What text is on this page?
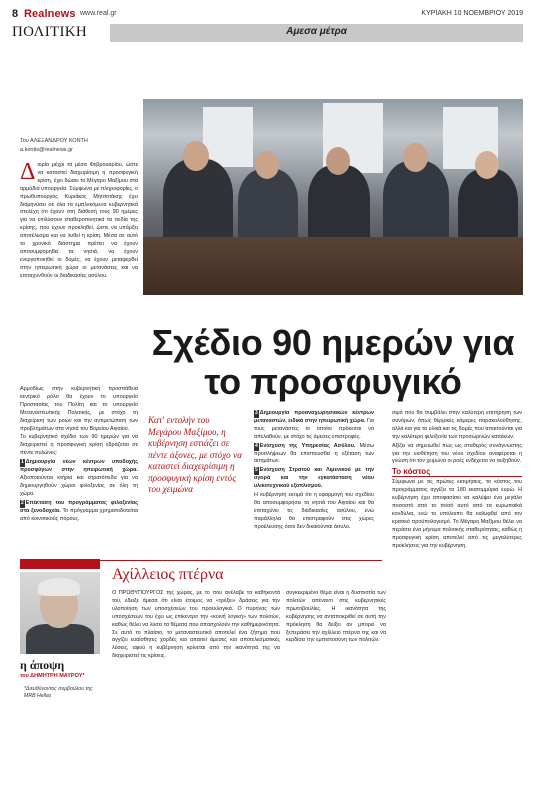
8 Realnews www.real.gr	ΚΥΡΙΑΚΗ 10 ΝΟΕΜΒΡΙΟΥ 2019
ΠΟΛΙΤΙΚΗ	Αμεσα μέτρα
Του ΑΛΕΞΑΝΔΡΟΥ ΚΟΝΤΗ
a.kontis@realnews.gr

Διορία μέχρι τα μέσα Φεβρουαρίου, ώστε να καταστεί διαχειρίσιμη η προσφυγική κρίση, έχει δώσει το Μέγαρο Μαξίμου στα αρμόδια υπουργεία. Σύμφωνα με πληροφορίες, ο πρωθυπουργός Κυριάκος Μητσοτάκης έχει διαμηνύσει σε όλα τα εμπλεκόμενα κυβερνητικά στελέχη ότι έχουν στη διάθεσή τους 90 ημέρες για να επιλύσουν σταθεροποιητικά τα πεδία της κρίσης, που έχουν προκληθεί, ώστε να υπάρξει αποτέλεσμα και να λυθεί η κρίση. Μέσα σε αυτό το χρονικό διάστημα πρέπει να έχουν αποσυμφορηθεί τα νησιά, να έχουν ενεργοποιηθεί οι δομές, να έχουν μεταφερθεί στην ηπειρωτική χώρα οι μετανάστες και να επιταχυνθούν οι διαδικασίες ασύλου.

Σχέδιο 90 ημερών για το προσφυγικό

Αρμοδίως στην κυβερνητική προσπάθεια κεντρικό ρόλο θα έχουν το υπουργείο Προστασίας του Πολίτη και το υπουργείο Μεταναστευτικής Πολιτικής, με στόχο τη διαχείριση των ροών και την αντιμετώπιση των προβλημάτων στα νησιά του Βορείου Αιγαίου.

Το κυβερνητικό σχέδιο των 90 ημερών για να διαχειριστεί η προσφυγική κρίση εδράζεται σε πέντε πυλώνες:

1 Δημιουργία νέων κέντρων υποδοχής προσφύγων στην ηπειρωτική χώρα. Αξιοποιούνται κτήρια και στρατόπεδα για να δημιουργηθούν χώροι φιλοξενίας σε όλη τη χώρα.

2 Επέκταση του προγράμματος φιλοξενίας στα ξενοδοχεία. Το πρόγραμμα χρηματοδοτείται από κοινοτικούς πόρους.

Κατ' εντολήν του Μεγάρου Μαξίμου, η κυβέρνηση εστιάζει σε πέντε άξονες, με στόχο να καταστεί διαχειρίσιμη η προσφυγική κρίση εντός του χειμώνα

3 Δημιουργία προαναχωρησιακών κέντρων μεταναστών, ειδικά στην ηπειρωτική χώρα. Για τους μετανάστες οι οποίοι πρόκειται να απελαθούν, με στόχο τις άμεσες επιστροφές.

4 Ενίσχυση της Υπηρεσίας Ασύλου. Μέσω προσλήψεων θα επισπευσθεί η εξέταση των αιτημάτων.

5 Ενίσχυση Στρατού και Λιμενικού με την αγορά και την εγκατάσταση νέου υλικοτεχνικού εξοπλισμού.

Η κυβέρνηση εκτιμά ότι η εφαρμογή του σχεδίου θα αποσυμφορήσει τα νησιά του Αιγαίου και θα επιταχύνει τις διαδικασίες ασύλου, ενώ παράλληλα θα επιστραφούν στις χώρες προέλευσης όσοι δεν δικαιούνται άσυλο.

σιμό που θα συμβάλει στην καλύτερη επιτήρηση των συνόρων, όπως θερμικές κάμερες παρακολούθησης, αλλά και για τα υλικά και τις δομές που απαιτούνται για την καλύτερη φιλοξενία των προσωρινών κατοίκων.

Αξίζει να σημειωθεί πως ως σταθερός συνάγνωστης για την υιοθέτηση του νέου σχεδίου αναφέρεται η γνώση ότι τον χειμώνα οι ροές ενδέχεται να αυξηθούν.

Το κόστος

Σύμφωνα με τις πρώτες εκτιμήσεις, το κόστος του προγράμματος αγγίζει τα 180 εκατομμύρια ευρώ. Η κυβέρνηση έχει αποφασίσει να καλύψει ένα μεγάλο ποσοστό από το ποσό αυτό από τα ευρωπαϊκά κονδύλια, ενώ το υπόλοιπο θα καλυφθεί από τον κρατικό προϋπολογισμό. Το Μέγαρο Μαξίμου θέλει να περάσει ένα μήνυμα πολιτικής σταθερότητας, καθώς η προσφυγική κρίση αποτελεί από τις μεγαλύτερες προκλήσεις για την κυβέρνηση.

η άποψη
του ΔΗΜΗΤΡΗ ΜΑΥΡΟΥ*
*Διευθύνοντος συμβούλου της MRB Hellas
Αχίλλειος πτέρνα
Ο ΠΡΩΘΥΠΟΥΡΓΟΣ της χώρας, με το που ανέλαβε τα καθήκοντά του, έδειξε άμεσα ότι είναι έτοιμος να «τρέξει» δράσεις για την υλοποίηση των υποσχέσεών του προεκλογικά. Ο πυρήνας των υποσχέσεων του έχει ως επίκεντρο την «κοινή λογική» των πολιτών, καθώς θέλει να λύσει τα θέματα που απασχολούν την καθημερινότητα. Σε αυτό το πλαίσιο, το μεταναστευτικό αποτελεί ένα ζήτημα που αγγίζει ευαίσθητες χορδές και απαιτεί άμεσες και αποτελεσματικές λύσεις, αφού η κυβέρνηση κρίνεται από την ικανότητά της να διαχειριστεί τις κρίσεις.
συγκεκριμένο θέμα είναι η δυσπιστία των πολιτών απέναντι στις κυβερνητικές πρωτοβουλίες. Η ικανότητα της κυβέρνησης να ανταποκριθεί σε αυτή την πρόκληση θα δείξει αν μπορεί να ξεπεράσει την αχίλλειο πτέρνα της και να κερδίσει την εμπιστοσύνη των πολιτών.
